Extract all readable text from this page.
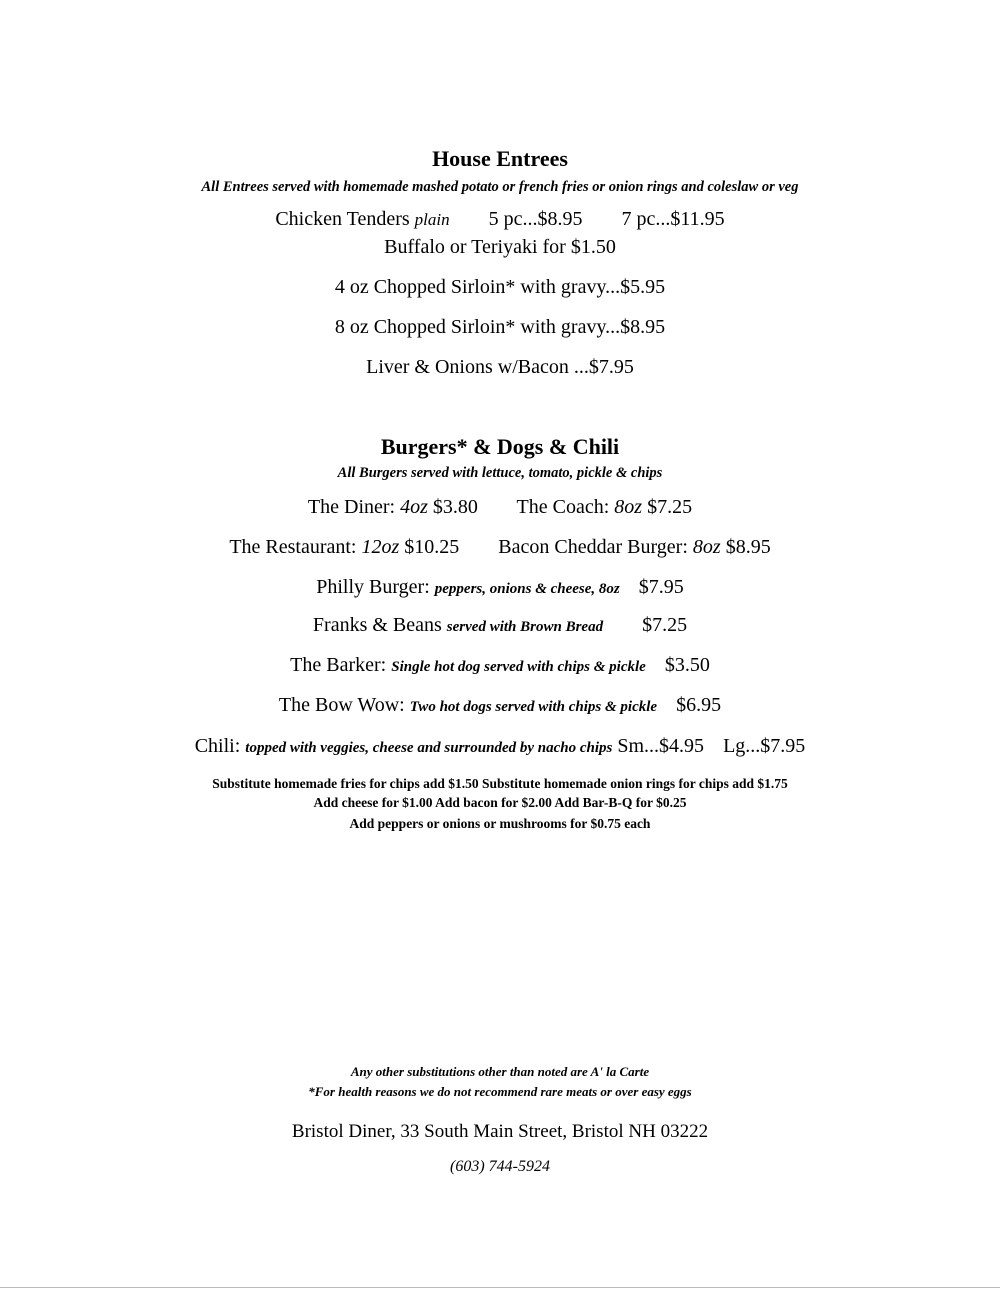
House Entrees
All Entrees served with homemade mashed potato or french fries or onion rings and coleslaw or veg
Chicken Tenders plain 5 pc...$8.95 7 pc...$11.95
Buffalo or Teriyaki for $1.50
4 oz Chopped Sirloin* with gravy...$5.95
8 oz Chopped Sirloin* with gravy...$8.95
Liver & Onions w/Bacon ...$7.95
Burgers* & Dogs & Chili
All Burgers served with lettuce, tomato, pickle & chips
The Diner: 4oz $3.80 The Coach: 8oz $7.25
The Restaurant: 12oz $10.25 Bacon Cheddar Burger: 8oz $8.95
Philly Burger: peppers, onions & cheese, 8oz $7.95
Franks & Beans served with Brown Bread $7.25
The Barker: Single hot dog served with chips & pickle $3.50
The Bow Wow: Two hot dogs served with chips & pickle $6.95
Chili: topped with veggies, cheese and surrounded by nacho chips Sm...$4.95 Lg...$7.95
Substitute homemade fries for chips add $1.50 Substitute homemade onion rings for chips add $1.75
Add cheese for $1.00 Add bacon for $2.00 Add Bar-B-Q for $0.25
Add peppers or onions or mushrooms for $0.75 each
Any other substitutions other than noted are A' la Carte
*For health reasons we do not recommend rare meats or over easy eggs
Bristol Diner, 33 South Main Street, Bristol NH 03222
(603) 744-5924
